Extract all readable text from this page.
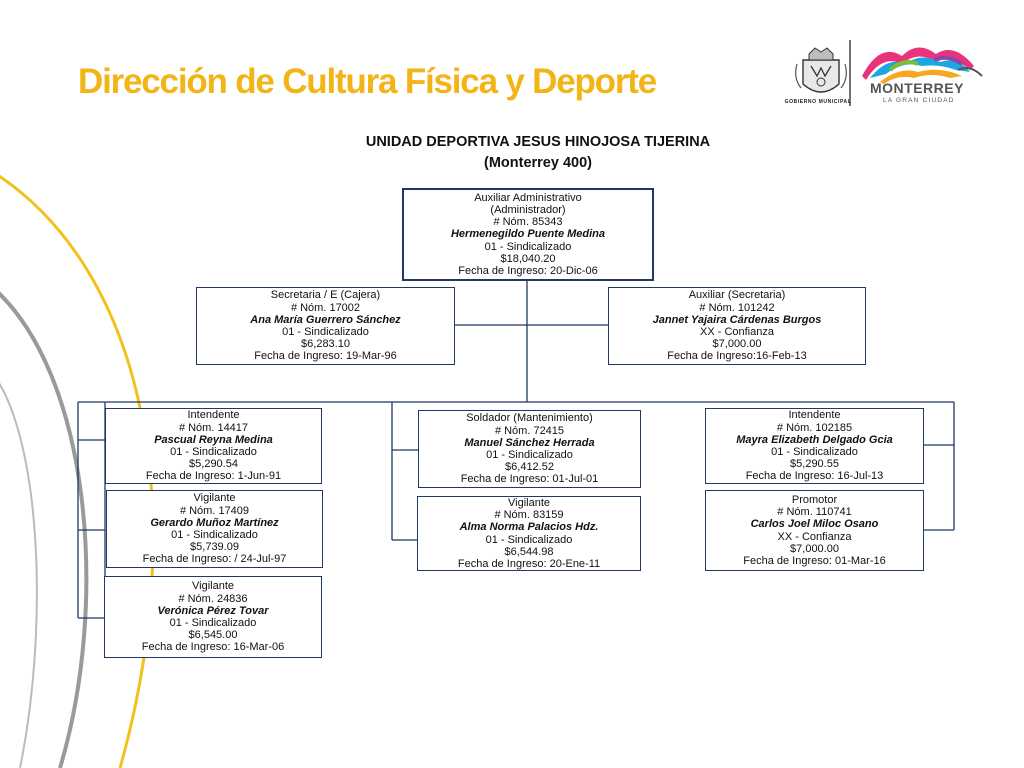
Dirección de Cultura Física y Deporte
GOBIERNO MUNICIPAL
MONTERREY
LA GRAN CIUDAD
UNIDAD DEPORTIVA JESUS HINOJOSA TIJERINA
(Monterrey 400)
Auxiliar Administrativo
(Administrador)
# Nóm. 85343
Hermenegildo Puente Medina
01 - Sindicalizado
$18,040.20
Fecha de Ingreso: 20-Dic-06
Secretaria / E (Cajera)
# Nóm. 17002
Ana María Guerrero Sánchez
01 - Sindicalizado
$6,283.10
Fecha de Ingreso: 19-Mar-96
Auxiliar (Secretaria)
# Nóm. 101242
Jannet Yajaira Cárdenas Burgos
XX - Confianza
$7,000.00
Fecha de Ingreso:16-Feb-13
Intendente
# Nóm. 14417
Pascual Reyna Medina
01 - Sindicalizado
$5,290.54
Fecha de Ingreso: 1-Jun-91
Vigilante
# Nóm. 17409
Gerardo Muñoz Martínez
01 - Sindicalizado
$5,739.09
Fecha de Ingreso: / 24-Jul-97
Vigilante
# Nóm. 24836
Verónica Pérez Tovar
01 - Sindicalizado
$6,545.00
Fecha de Ingreso: 16-Mar-06
Soldador (Mantenimiento)
# Nóm. 72415
Manuel Sánchez Herrada
01 - Sindicalizado
$6,412.52
Fecha de Ingreso: 01-Jul-01
Vigilante
# Nóm. 83159
Alma Norma Palacios Hdz.
01 - Sindicalizado
$6,544.98
Fecha de Ingreso: 20-Ene-11
Intendente
# Nóm. 102185
Mayra Elizabeth Delgado Gcia
01 - Sindicalizado
$5,290.55
Fecha de Ingreso: 16-Jul-13
Promotor
# Nóm. 110741
Carlos Joel Miloc Osano
XX - Confianza
$7,000.00
Fecha de Ingreso: 01-Mar-16
